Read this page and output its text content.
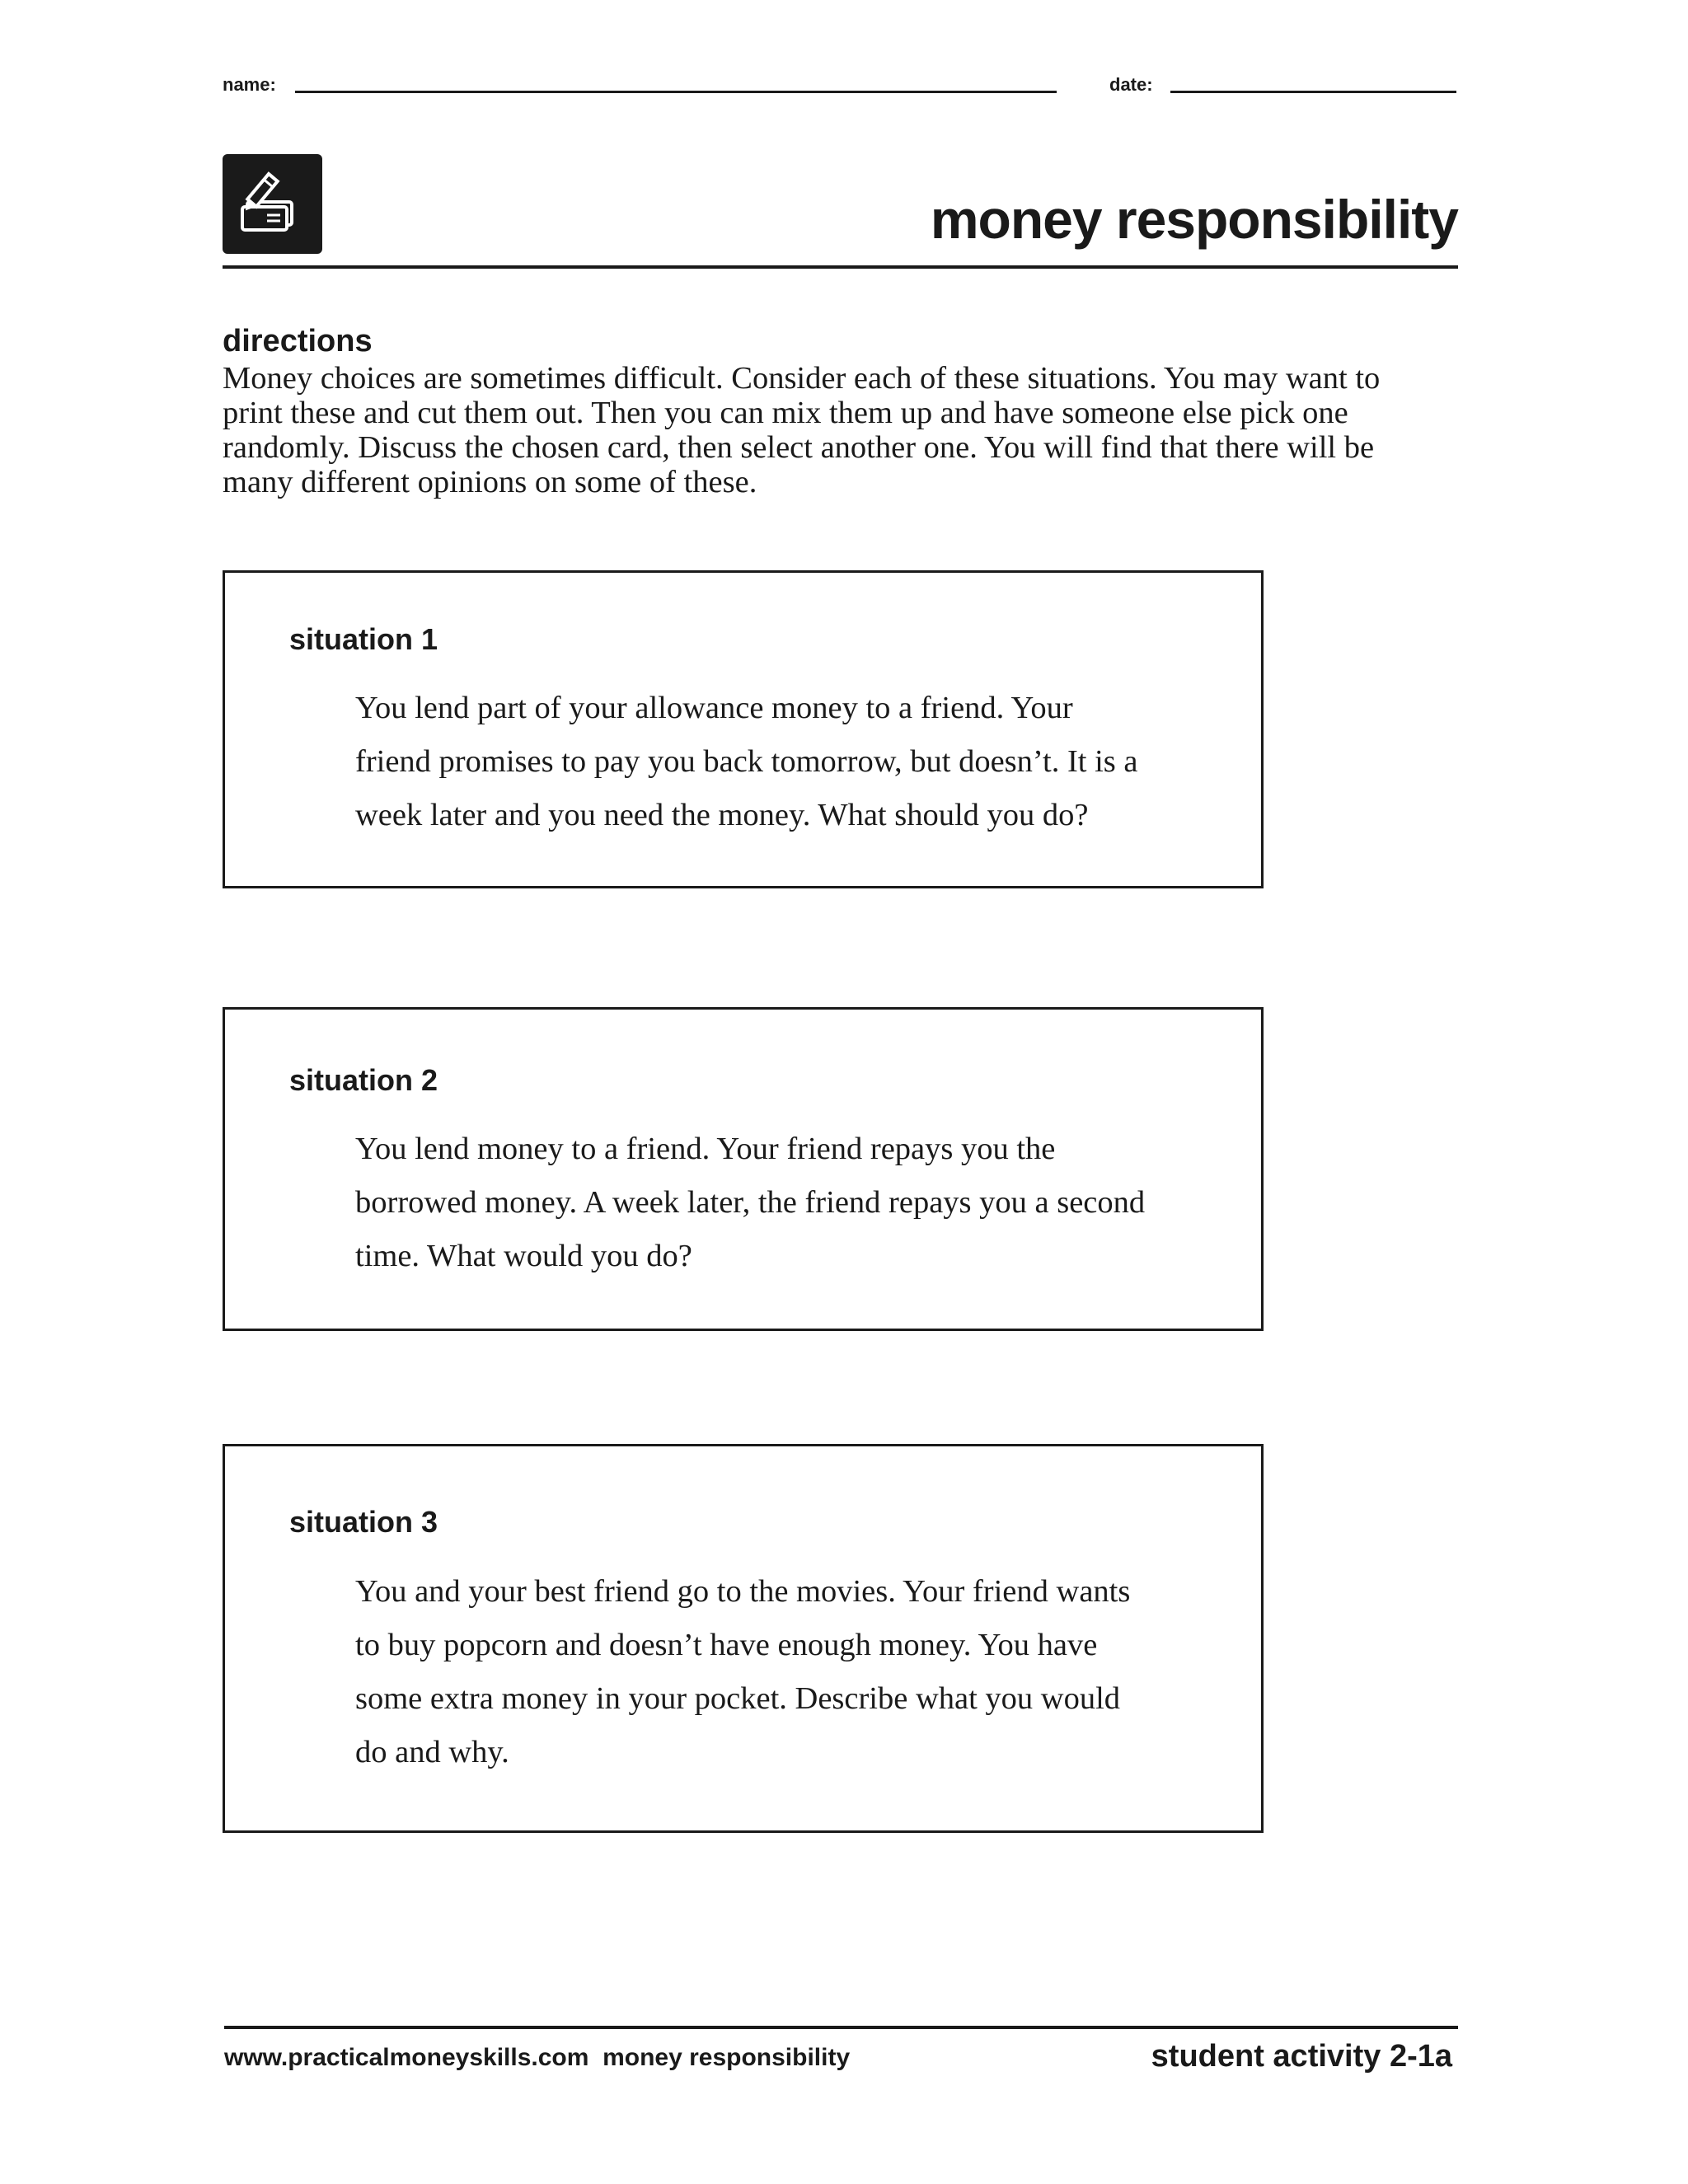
name:	date:
money responsibility
directions
Money choices are sometimes difficult. Consider each of these situations. You may want to print these and cut them out. Then you can mix them up and have someone else pick one randomly. Discuss the chosen card, then select another one. You will find that there will be many different opinions on some of these.
situation 1
You lend part of your allowance money to a friend. Your friend promises to pay you back tomorrow, but doesn’t. It is a week later and you need the money. What should you do?
situation 2
You lend money to a friend. Your friend repays you the borrowed money. A week later, the friend repays you a second time. What would you do?
situation 3
You and your best friend go to the movies. Your friend wants to buy popcorn and doesn’t have enough money. You have some extra money in your pocket. Describe what you would do and why.
www.practicalmoneyskills.com  money responsibility	student activity 2-1a
